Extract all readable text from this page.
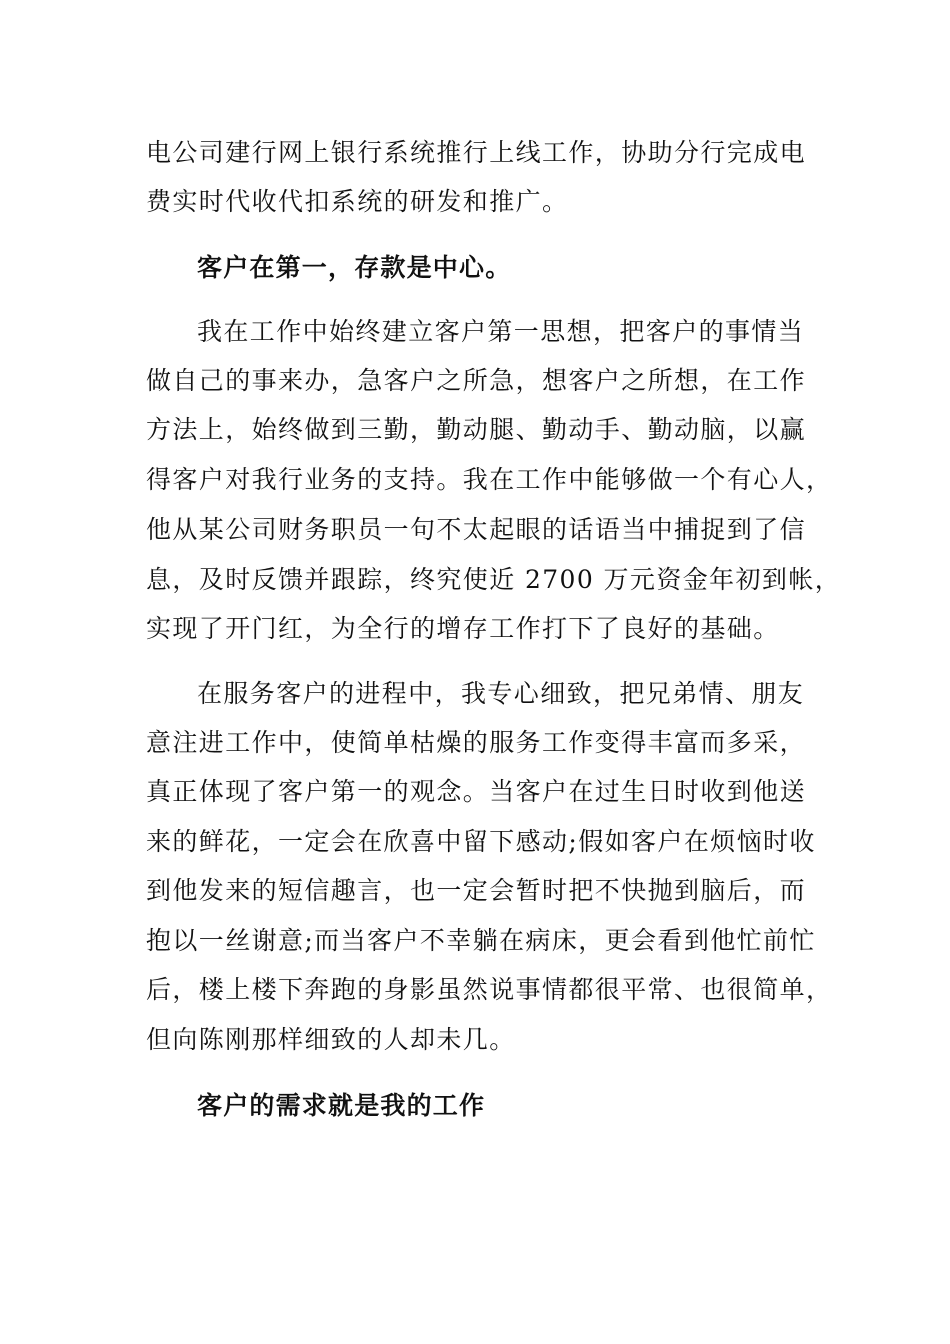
电公司建行网上银行系统推行上线工作，协助分行完成电
费实时代收代扣系统的研发和推广。
客户在第一，存款是中心。
我在工作中始终建立客户第一思想，把客户的事情当
做自己的事来办，急客户之所急，想客户之所想，在工作
方法上，始终做到三勤，勤动腿、勤动手、勤动脑，以赢
得客户对我行业务的支持。我在工作中能够做一个有心人，
他从某公司财务职员一句不太起眼的话语当中捕捉到了信
息，及时反馈并跟踪，终究使近 2700 万元资金年初到帐，
实现了开门红，为全行的增存工作打下了良好的基础。
在服务客户的进程中，我专心细致，把兄弟情、朋友
意注进工作中，使简单枯燥的服务工作变得丰富而多采，
真正体现了客户第一的观念。当客户在过生日时收到他送
来的鲜花，一定会在欣喜中留下感动;假如客户在烦恼时收
到他发来的短信趣言，也一定会暂时把不快抛到脑后，而
抱以一丝谢意;而当客户不幸躺在病床，更会看到他忙前忙
后，楼上楼下奔跑的身影虽然说事情都很平常、也很简单，
但向陈刚那样细致的人却未几。
客户的需求就是我的工作
